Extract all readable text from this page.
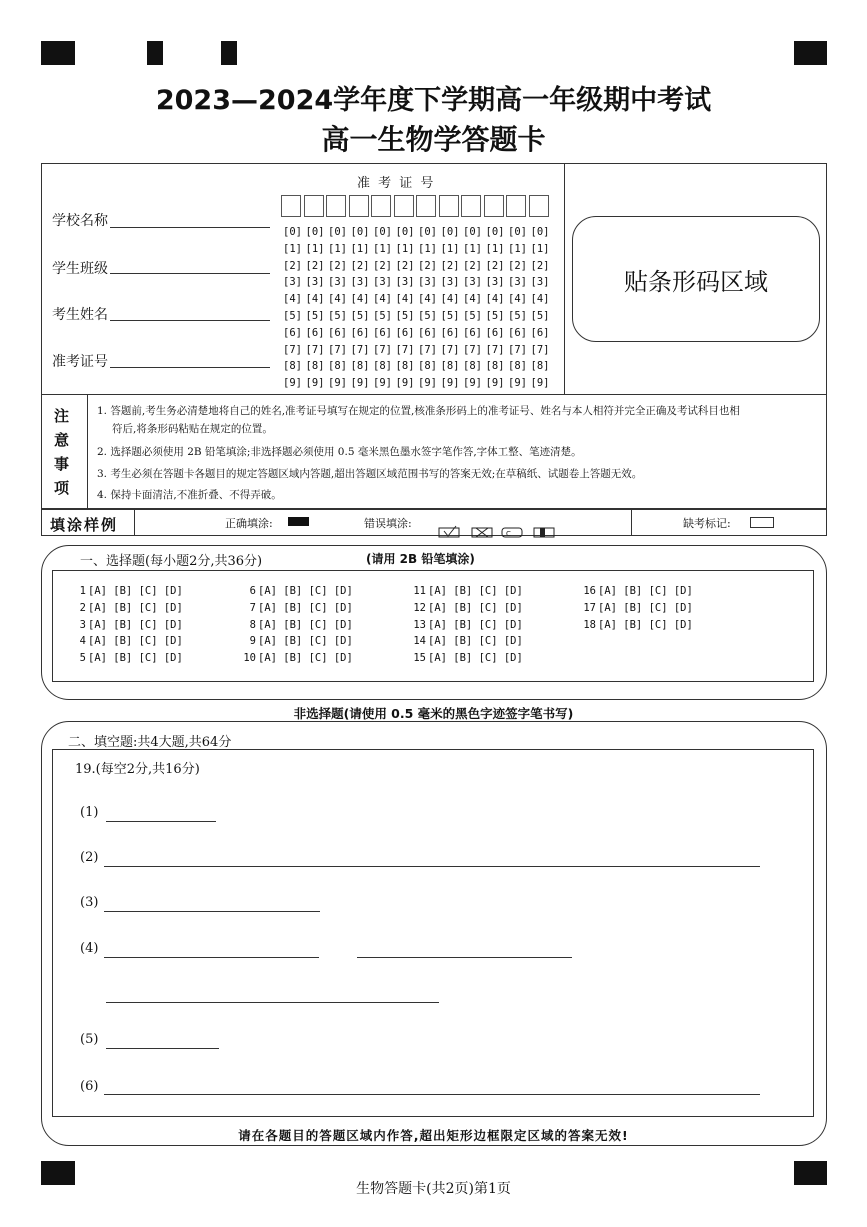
2023—2024学年度下学期高一年级期中考试
高一生物学答题卡
准 考 证 号
学校名称
学生班级
考生姓名
准考证号
[0] [0] [0] [0] [0] [0] [0] [0] [0] [0] [0] [0]
[1] [1] [1] [1] [1] [1] [1] [1] [1] [1] [1] [1]
[2] [2] [2] [2] [2] [2] [2] [2] [2] [2] [2] [2]
[3] [3] [3] [3] [3] [3] [3] [3] [3] [3] [3] [3]
[4] [4] [4] [4] [4] [4] [4] [4] [4] [4] [4] [4]
[5] [5] [5] [5] [5] [5] [5] [5] [5] [5] [5] [5]
[6] [6] [6] [6] [6] [6] [6] [6] [6] [6] [6] [6]
[7] [7] [7] [7] [7] [7] [7] [7] [7] [7] [7] [7]
[8] [8] [8] [8] [8] [8] [8] [8] [8] [8] [8] [8]
[9] [9] [9] [9] [9] [9] [9] [9] [9] [9] [9] [9]
贴条形码区域
注
意
事
项
1. 答题前,考生务必清楚地将自己的姓名,准考证号填写在规定的位置,核准条形码上的准考证号、姓名与本人相符并完全正确及考试科目也相
符后,将条形码粘贴在规定的位置。
2. 选择题必须使用 2B 铅笔填涂;非选择题必须使用 0.5 毫米黑色墨水签字笔作答,字体工整、笔迹清楚。
3. 考生必须在答题卡各题目的规定答题区域内答题,超出答题区域范围书写的答案无效;在草稿纸、试题卷上答题无效。
4. 保持卡面清洁,不准折叠、不得弄破。
填涂样例	正确填涂:	错误填涂:

C

缺考标记:
一、选择题(每小题2分,共36分)	(请用 2B 铅笔填涂)
1 [A] [B] [C] [D]
2 [A] [B] [C] [D]
3 [A] [B] [C] [D]
4 [A] [B] [C] [D]
5 [A] [B] [C] [D]
6 [A] [B] [C] [D]
7 [A] [B] [C] [D]
8 [A] [B] [C] [D]
9 [A] [B] [C] [D]
10 [A] [B] [C] [D]
11 [A] [B] [C] [D]
12 [A] [B] [C] [D]
13 [A] [B] [C] [D]
14 [A] [B] [C] [D]
15 [A] [B] [C] [D]
16 [A] [B] [C] [D]
17 [A] [B] [C] [D]
18 [A] [B] [C] [D]
非选择题(请使用 0.5 毫米的黑色字迹签字笔书写)
二、填空题:共4大题,共64分
19.(每空2分,共16分)
(1)
(2)
(3)
(4)
(5)
(6)
请在各题目的答题区域内作答,超出矩形边框限定区域的答案无效!
生物答题卡(共2页)第1页
